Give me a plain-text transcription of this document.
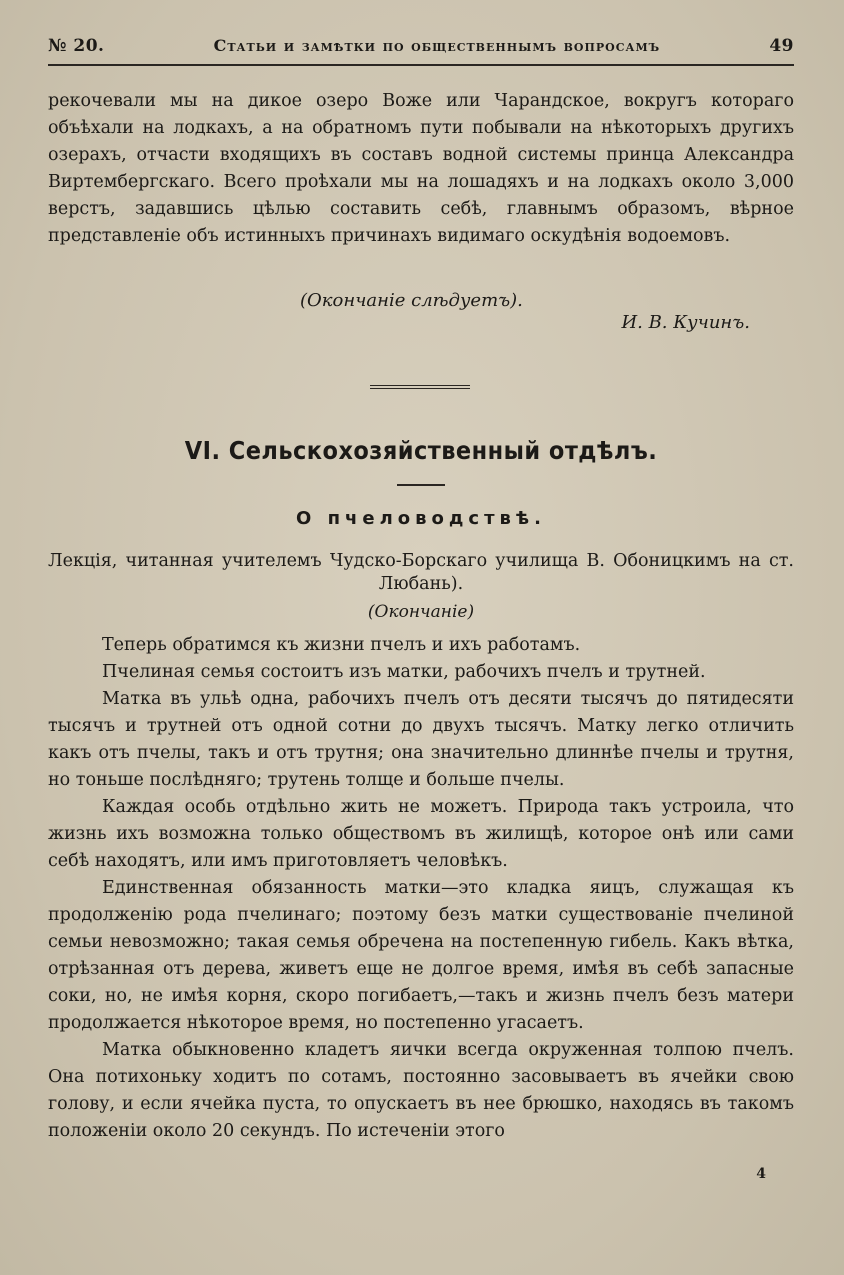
№ 20.	Статьи и замѣтки по общественнымъ вопросамъ	49

рекочевали мы на дикое озеро Воже или Чарандское, вокругъ котораго объѣхали на лодкахъ, а на обратномъ пути побывали на нѣкоторыхъ другихъ озерахъ, отчасти входящихъ въ составъ водной системы принца Александра Виртембергскаго. Всего проѣхали мы на лошадяхъ и на лодкахъ около 3,000 верстъ, задавшись цѣлью составить себѣ, главнымъ образомъ, вѣрное представленіе объ истинныхъ причинахъ видимаго оскудѣнія водоемовъ.

(Окончаніе слѣдуетъ).
И. В. Кучинъ.
VI. Сельскохозяйственный отдѣлъ.
О пчеловодствѣ.
Лекція, читанная учителемъ Чудско-Борскаго училища В. Обоницкимъ на ст. Любань).
(Окончаніе)

Теперь обратимся къ жизни пчелъ и ихъ работамъ.

Пчелиная семья состоитъ изъ матки, рабочихъ пчелъ и трутней.

Матка въ ульѣ одна, рабочихъ пчелъ отъ десяти тысячъ до пятидесяти тысячъ и трутней отъ одной сотни до двухъ тысячъ. Матку легко отличить какъ отъ пчелы, такъ и отъ трутня; она значительно длиннѣе пчелы и трутня, но тоньше послѣдняго; трутень толще и больше пчелы.

Каждая особь отдѣльно жить не можетъ. Природа такъ устроила, что жизнь ихъ возможна только обществомъ въ жилищѣ, которое онѣ или сами себѣ находятъ, или имъ приготовляетъ человѣкъ.

Единственная обязанность матки—это кладка яицъ, служащая къ продолженію рода пчелинаго; поэтому безъ матки существованіе пчелиной семьи невозможно; такая семья обречена на постепенную гибель. Какъ вѣтка, отрѣзанная отъ дерева, живетъ еще не долгое время, имѣя въ себѣ запасные соки, но, не имѣя корня, скоро погибаетъ,—такъ и жизнь пчелъ безъ матери продолжается нѣкоторое время, но постепенно угасаетъ.

Матка обыкновенно кладетъ яички всегда окруженная толпою пчелъ. Она потихоньку ходитъ по сотамъ, постоянно засовываетъ въ ячейки свою голову, и если ячейка пуста, то опускаетъ въ нее брюшко, находясь въ такомъ положеніи около 20 секундъ. По истеченіи этого

4
